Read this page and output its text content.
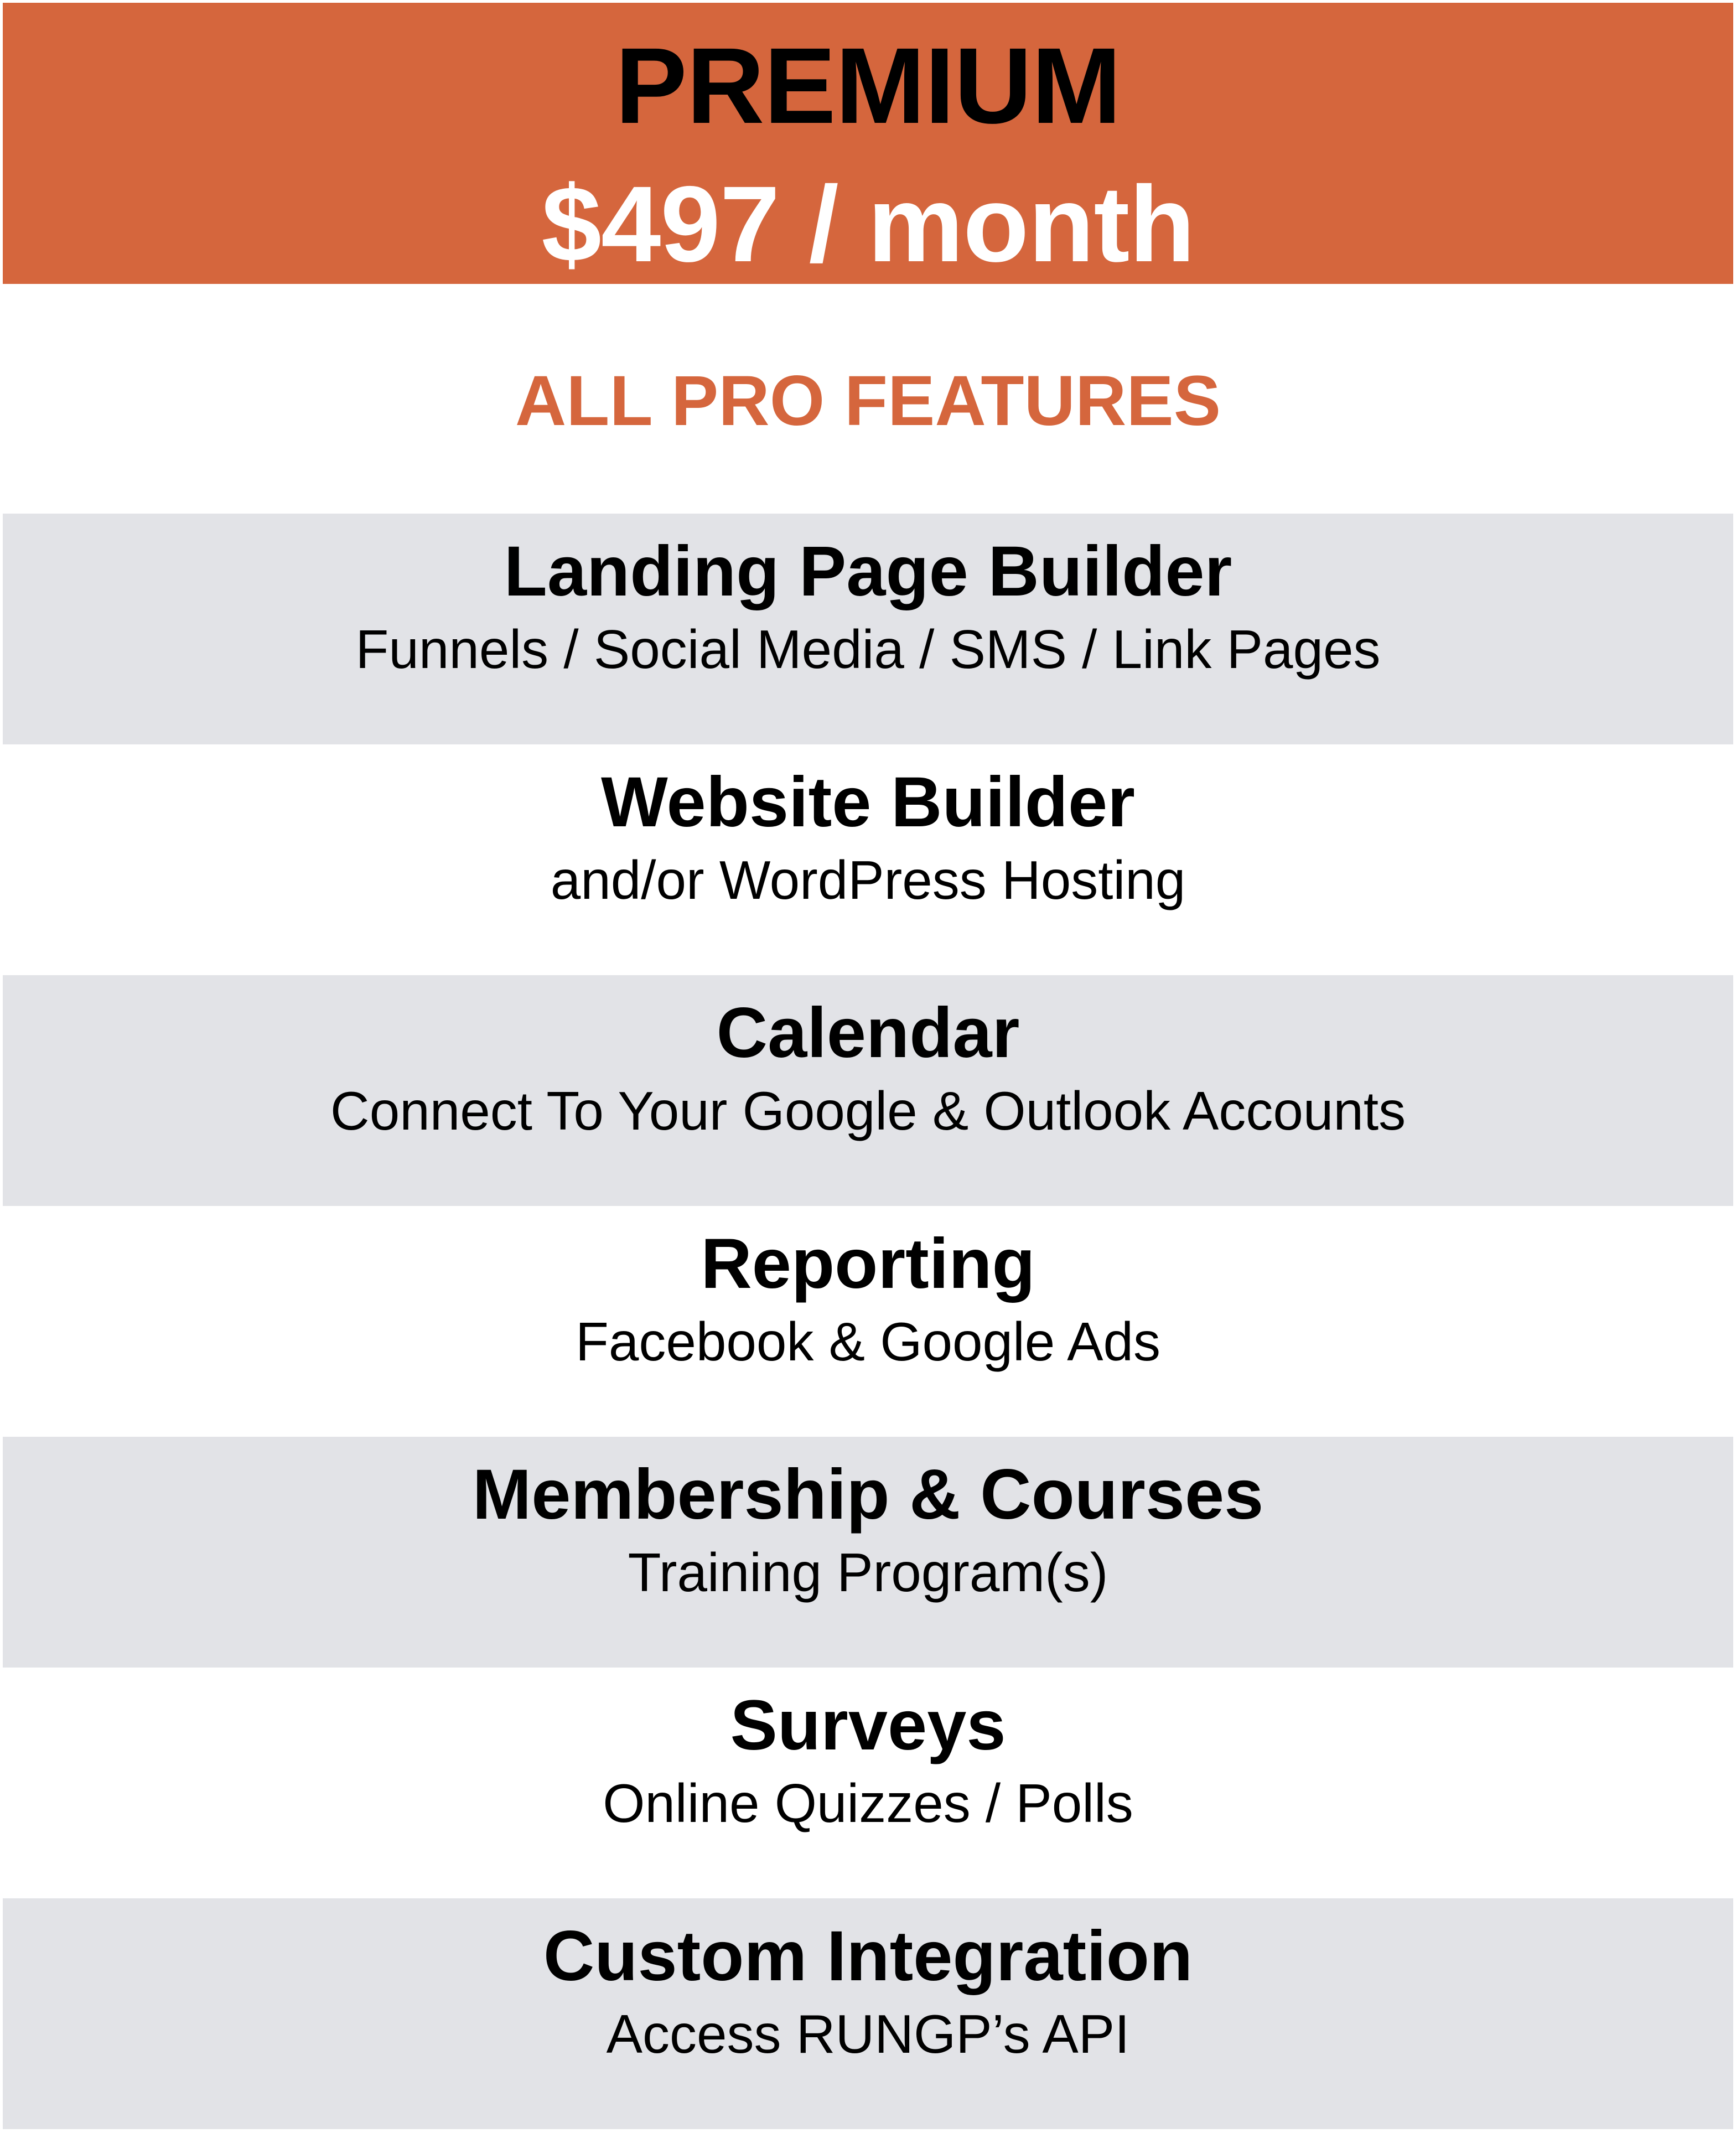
PREMIUM
$497 / month
ALL PRO FEATURES
Landing Page Builder
Funnels / Social Media / SMS / Link Pages
Website Builder
and/or WordPress Hosting
Calendar
Connect To Your Google & Outlook Accounts
Reporting
Facebook & Google Ads
Membership & Courses
Training Program(s)
Surveys
Online Quizzes / Polls
Custom Integration
Access RUNGP’s API
